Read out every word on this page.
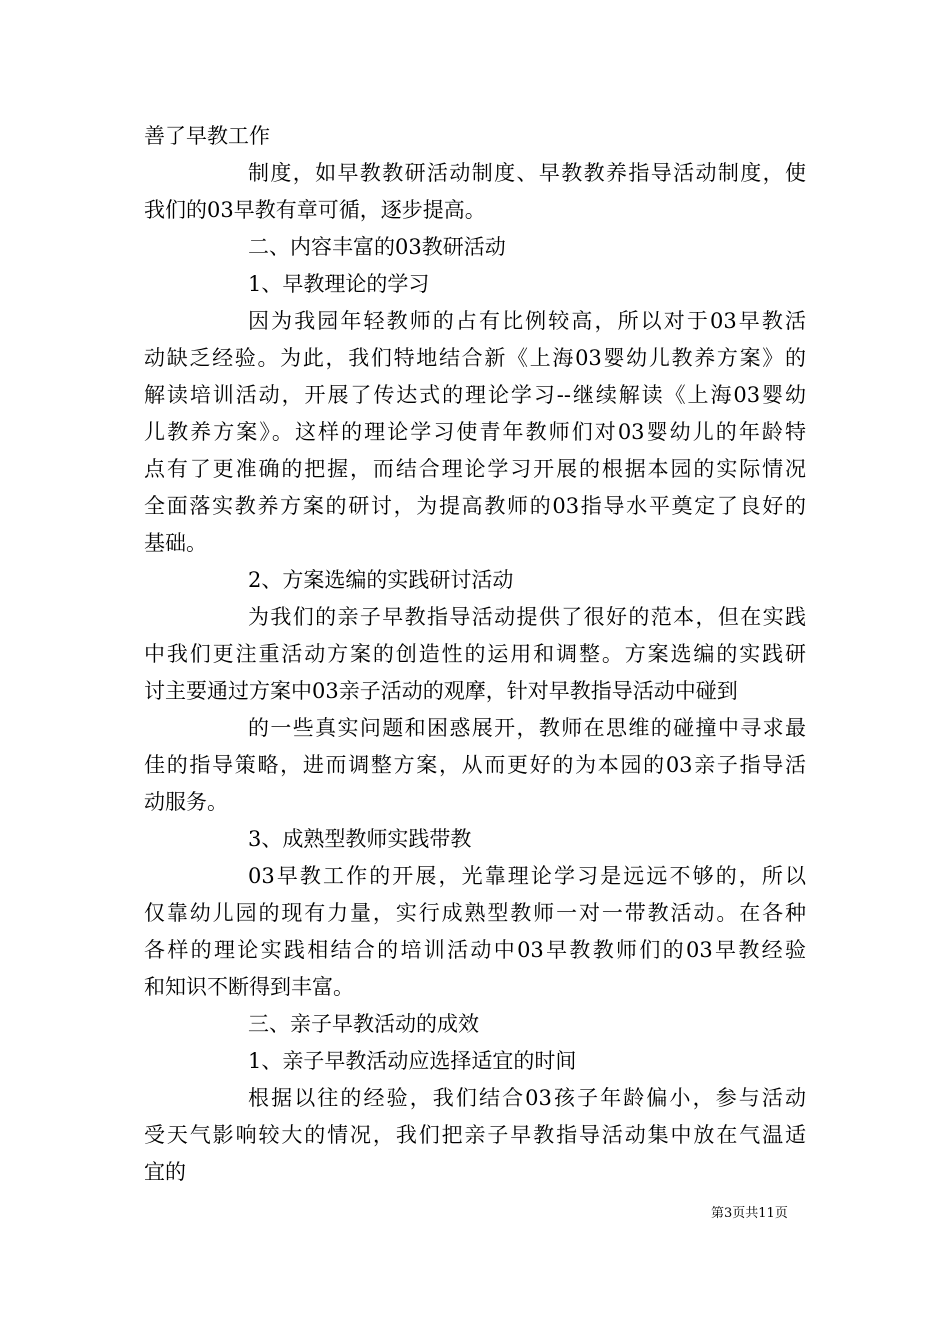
善了早教工作
制度，如早教教研活动制度、早教教养指导活动制度，使
我们的03早教有章可循，逐步提高。
二、内容丰富的03教研活动
1、早教理论的学习
因为我园年轻教师的占有比例较高，所以对于03早教活
动缺乏经验。为此，我们特地结合新《上海03婴幼儿教养方案》的
解读培训活动，开展了传达式的理论学习--继续解读《上海03婴幼
儿教养方案》。这样的理论学习使青年教师们对03婴幼儿的年龄特
点有了更准确的把握，而结合理论学习开展的根据本园的实际情况
全面落实教养方案的研讨，为提高教师的03指导水平奠定了良好的
基础。
2、方案选编的实践研讨活动
为我们的亲子早教指导活动提供了很好的范本，但在实践
中我们更注重活动方案的创造性的运用和调整。方案选编的实践研
讨主要通过方案中03亲子活动的观摩，针对早教指导活动中碰到
的一些真实问题和困惑展开，教师在思维的碰撞中寻求最
佳的指导策略，进而调整方案，从而更好的为本园的03亲子指导活
动服务。
3、成熟型教师实践带教
03早教工作的开展，光靠理论学习是远远不够的，所以
仅靠幼儿园的现有力量，实行成熟型教师一对一带教活动。在各种
各样的理论实践相结合的培训活动中03早教教师们的03早教经验
和知识不断得到丰富。
三、亲子早教活动的成效
1、亲子早教活动应选择适宜的时间
根据以往的经验，我们结合03孩子年龄偏小，参与活动
受天气影响较大的情况，我们把亲子早教指导活动集中放在气温适
宜的
第3页共11页
